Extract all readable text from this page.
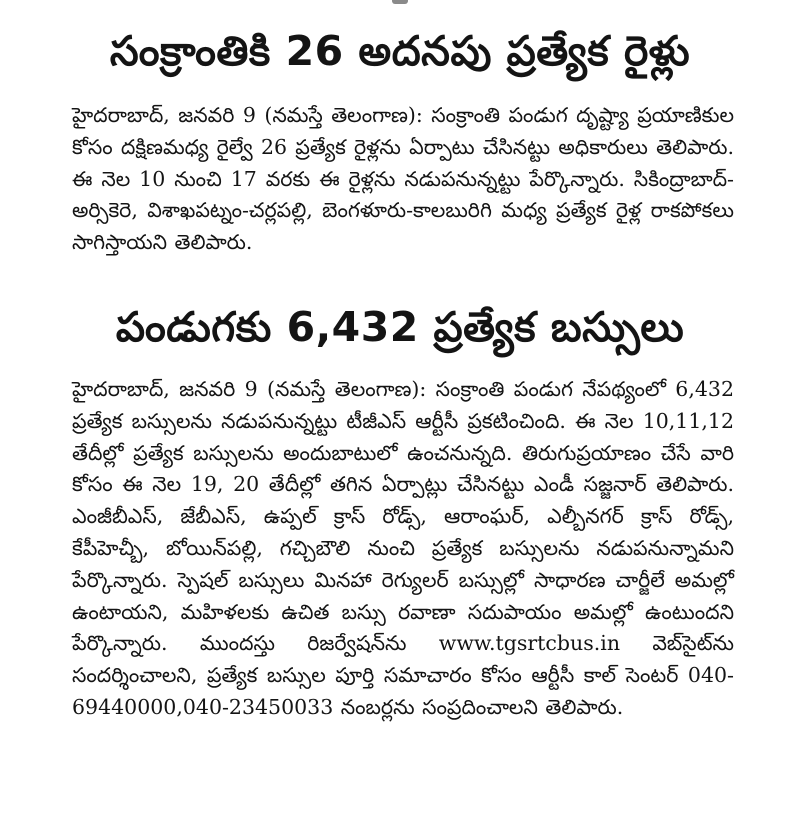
సంక్రాంతికి 26 అదనపు ప్రత్యేక రైళ్లు

హైదరాబాద్, జనవరి 9 (నమస్తే తెలంగాణ): సంక్రాంతి పండుగ దృష్ట్యా ప్రయాణికుల కోసం దక్షిణమధ్య రైల్వే 26 ప్రత్యేక రైళ్లను ఏర్పాటు చేసినట్టు అధికారులు తెలిపారు. ఈ నెల 10 నుంచి 17 వరకు ఈ రైళ్లను నడుపనున్నట్టు పేర్కొన్నారు. సికింద్రాబాద్-అర్సికెరె, విశాఖపట్నం-చర్లపల్లి, బెంగళూరు-కాలబురిగి మధ్య ప్రత్యేక రైళ్ల రాకపోకలు సాగిస్తాయని తెలిపారు.

పండుగకు 6,432 ప్రత్యేక బస్సులు

హైదరాబాద్, జనవరి 9 (నమస్తే తెలంగాణ): సంక్రాంతి పండుగ నేపథ్యంలో 6,432 ప్రత్యేక బస్సులను నడుపనున్నట్టు టీజీఎస్ ఆర్టీసీ ప్రకటించింది. ఈ నెల 10,11,12 తేదీల్లో ప్రత్యేక బస్సులను అందుబాటులో ఉంచనున్నది. తిరుగుప్రయాణం చేసే వారి కోసం ఈ నెల 19, 20 తేదీల్లో తగిన ఏర్పాట్లు చేసినట్టు ఎండీ సజ్జనార్ తెలిపారు. ఎంజీబీఎస్, జేబీఎస్, ఉప్పల్ క్రాస్ రోడ్స్, ఆరాంఘర్, ఎల్బీనగర్ క్రాస్ రోడ్స్, కేపీహెచ్బీ, బోయిన్‌పల్లి, గచ్చిబౌలి నుంచి ప్రత్యేక బస్సులను నడుపనున్నామని పేర్కొన్నారు. స్పెషల్ బస్సులు మినహా రెగ్యులర్ బస్సుల్లో సాధారణ చార్జీలే అమల్లో ఉంటాయని, మహిళలకు ఉచిత బస్సు రవాణా సదుపాయం అమల్లో ఉంటుందని పేర్కొన్నారు. ముందస్తు రిజర్వేషన్‌ను www.tgsrtcbus.in వెబ్‌సైట్‌ను సందర్శించాలని, ప్రత్యేక బస్సుల పూర్తి సమాచారం కోసం ఆర్టీసీ కాల్ సెంటర్ 040-69440000,040-23450033 నంబర్లను సంప్రదించాలని తెలిపారు.
